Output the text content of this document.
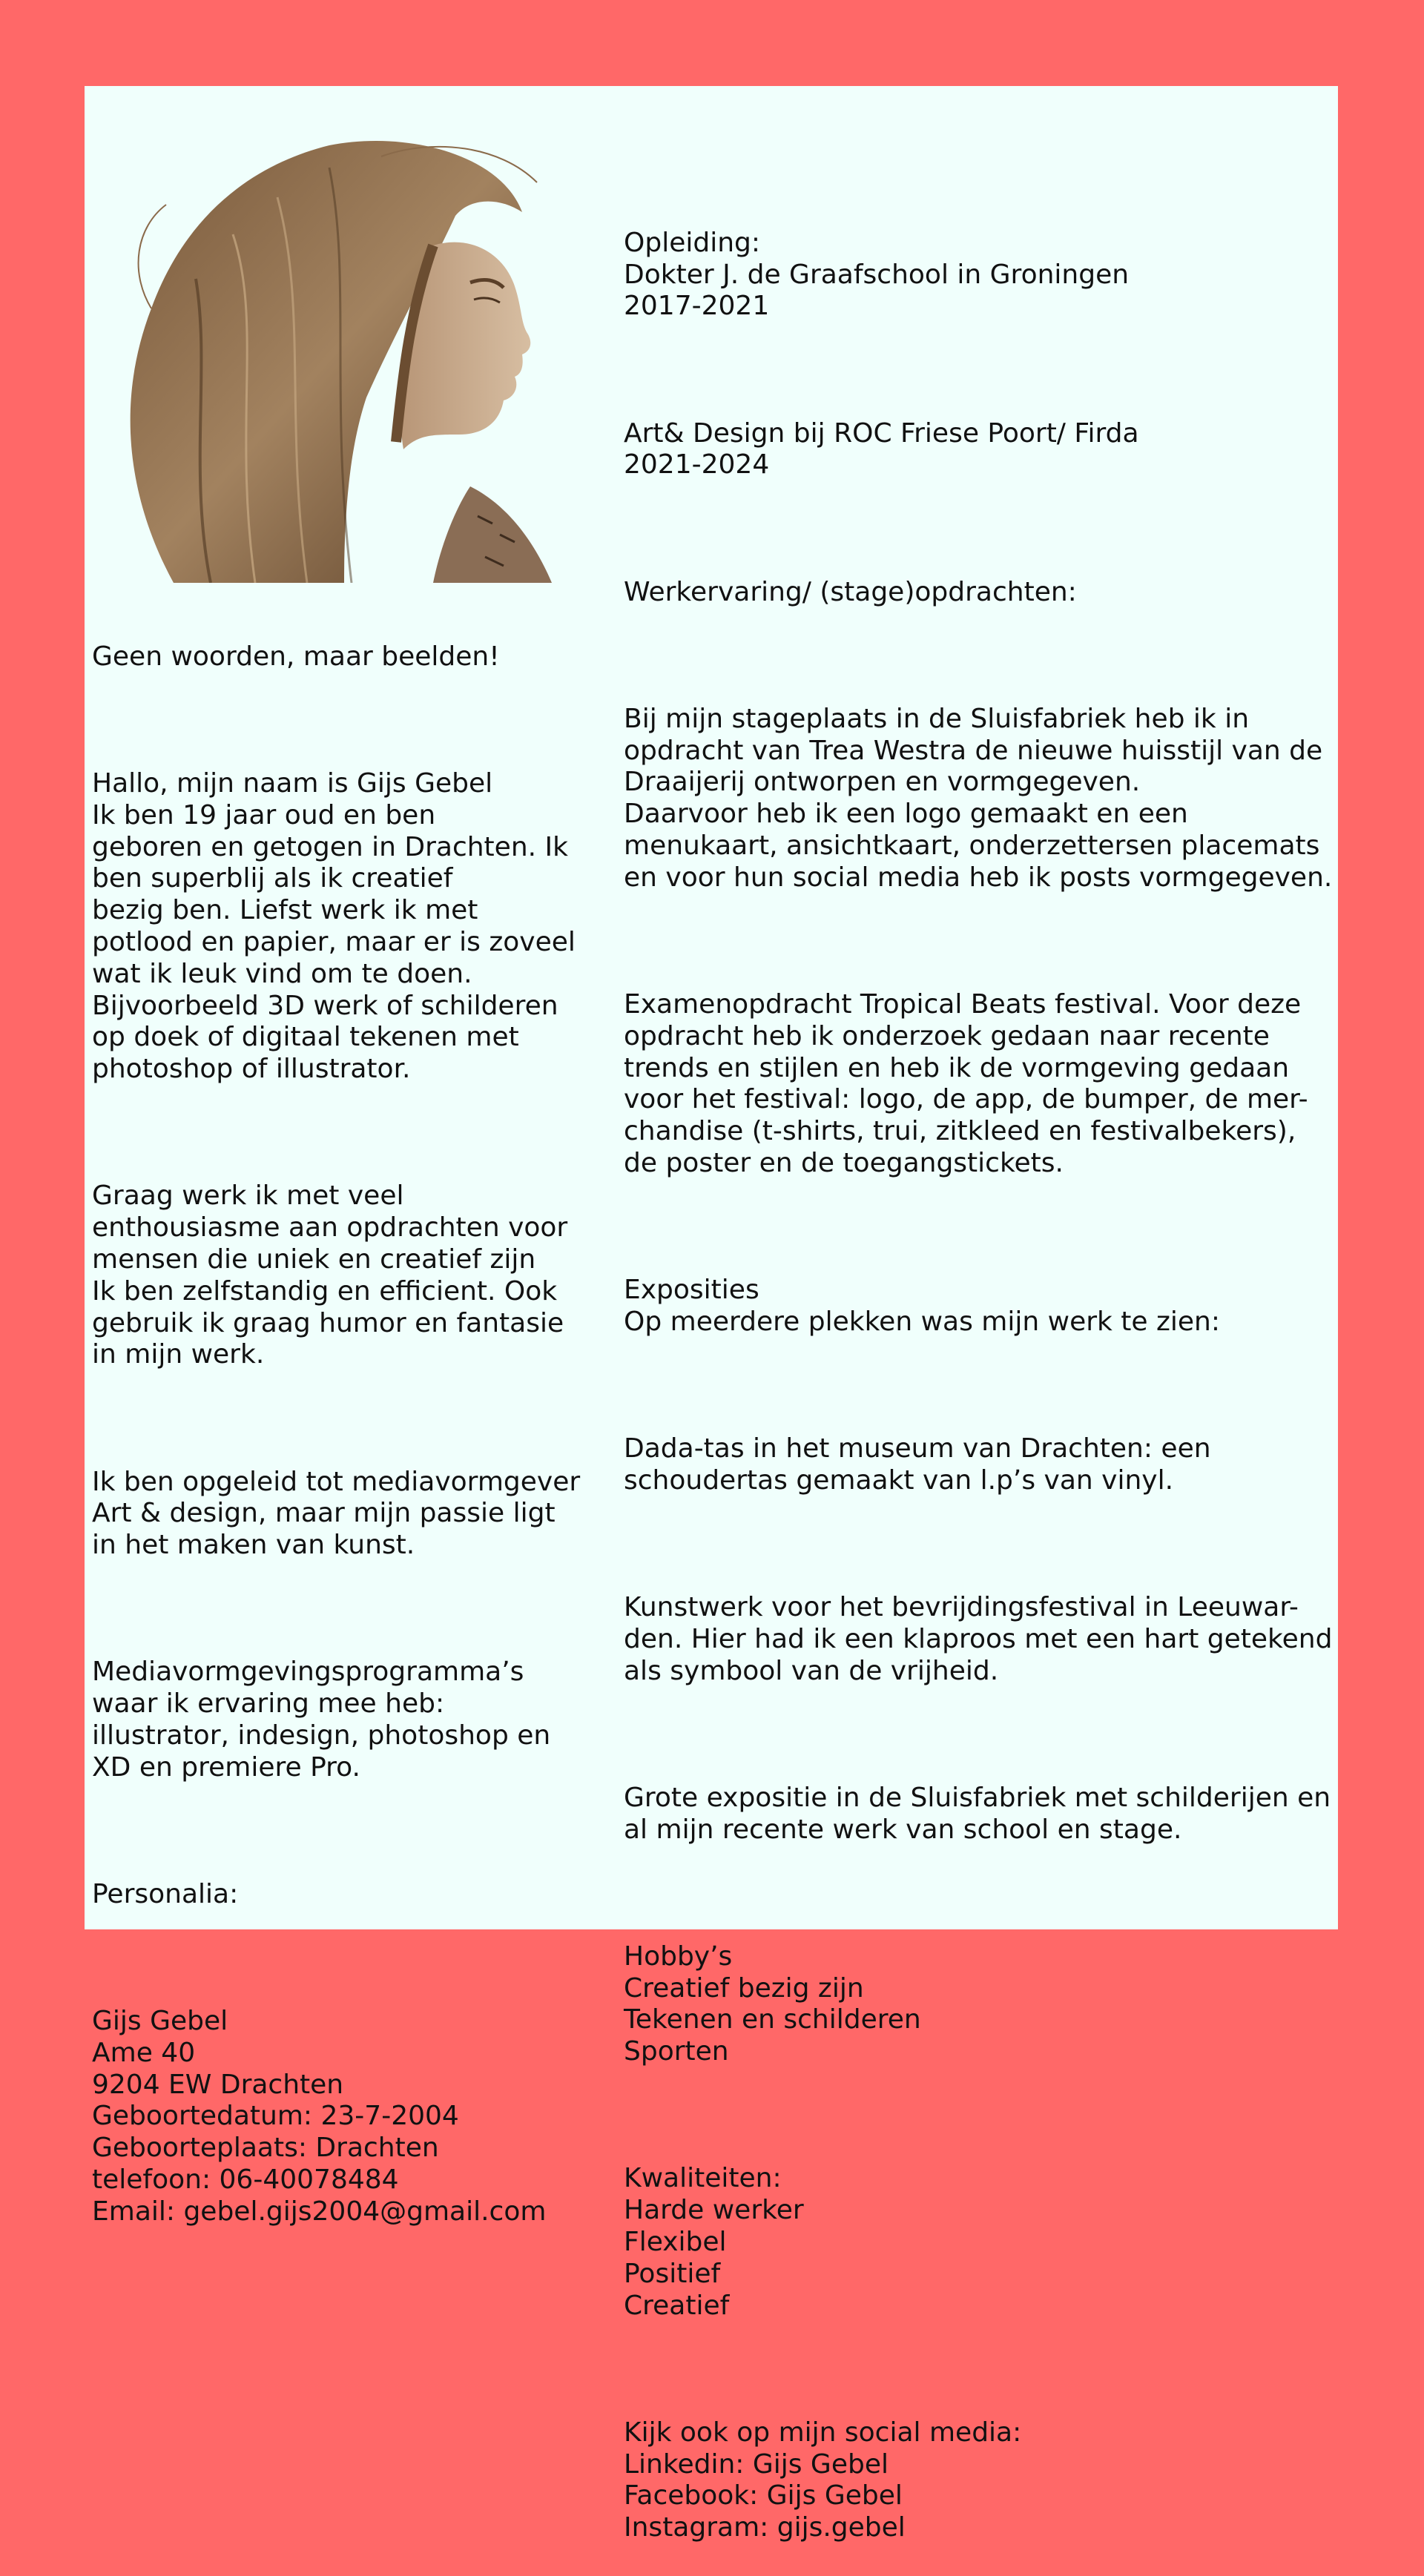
Geen woorden, maar beelden!

Hallo, mijn naam is Gijs Gebel
Ik ben 19 jaar oud en ben
geboren en getogen in Drachten. Ik
ben superblij als ik creatief
bezig ben. Liefst werk ik met
potlood en papier, maar er is zoveel
wat ik leuk vind om te doen.
Bijvoorbeeld 3D werk of schilderen
op doek of digitaal tekenen met
photoshop of illustrator.

Graag werk ik met veel
enthousiasme aan opdrachten voor
mensen die uniek en creatief zijn
Ik ben zelfstandig en efficient. Ook
gebruik ik graag humor en fantasie
in mijn werk.

Ik ben opgeleid tot mediavormgever
Art & design, maar mijn passie ligt
in het maken van kunst.

Mediavormgevingsprogramma’s
waar ik ervaring mee heb:
illustrator, indesign, photoshop en
XD en premiere Pro.

Personalia:

Gijs Gebel
Ame 40
9204 EW Drachten
Geboortedatum: 23-7-2004
Geboorteplaats: Drachten
telefoon: 06-40078484
Email: gebel.gijs2004@gmail.com

Opleiding:
Dokter J. de Graafschool in Groningen
2017-2021

Art& Design bij ROC Friese Poort/ Firda
2021-2024

Werkervaring/ (stage)opdrachten:

Bij mijn stageplaats in de Sluisfabriek heb ik in
opdracht van Trea Westra de nieuwe huisstijl van de
Draaijerij ontworpen en vormgegeven.
Daarvoor heb ik een logo gemaakt en een
menukaart, ansichtkaart, onderzettersen placemats
en voor hun social media heb ik posts vormgegeven.

Examenopdracht Tropical Beats festival. Voor deze
opdracht heb ik onderzoek gedaan naar recente
trends en stijlen en heb ik de vormgeving gedaan
voor het festival: logo, de app, de bumper, de mer-
chandise (t-shirts, trui, zitkleed en festivalbekers),
de poster en de toegangstickets.

Exposities
Op meerdere plekken was mijn werk te zien:

Dada-tas in het museum van Drachten: een
schoudertas gemaakt van l.p’s van vinyl.

Kunstwerk voor het bevrijdingsfestival in Leeuwar-
den. Hier had ik een klaproos met een hart getekend
als symbool van de vrijheid.

Grote expositie in de Sluisfabriek met schilderijen en
al mijn recente werk van school en stage.

Hobby’s
Creatief bezig zijn
Tekenen en schilderen
Sporten

Kwaliteiten:
Harde werker
Flexibel
Positief
Creatief

Kijk ook op mijn social media:
Linkedin: Gijs Gebel
Facebook: Gijs Gebel
Instagram: gijs.gebel
